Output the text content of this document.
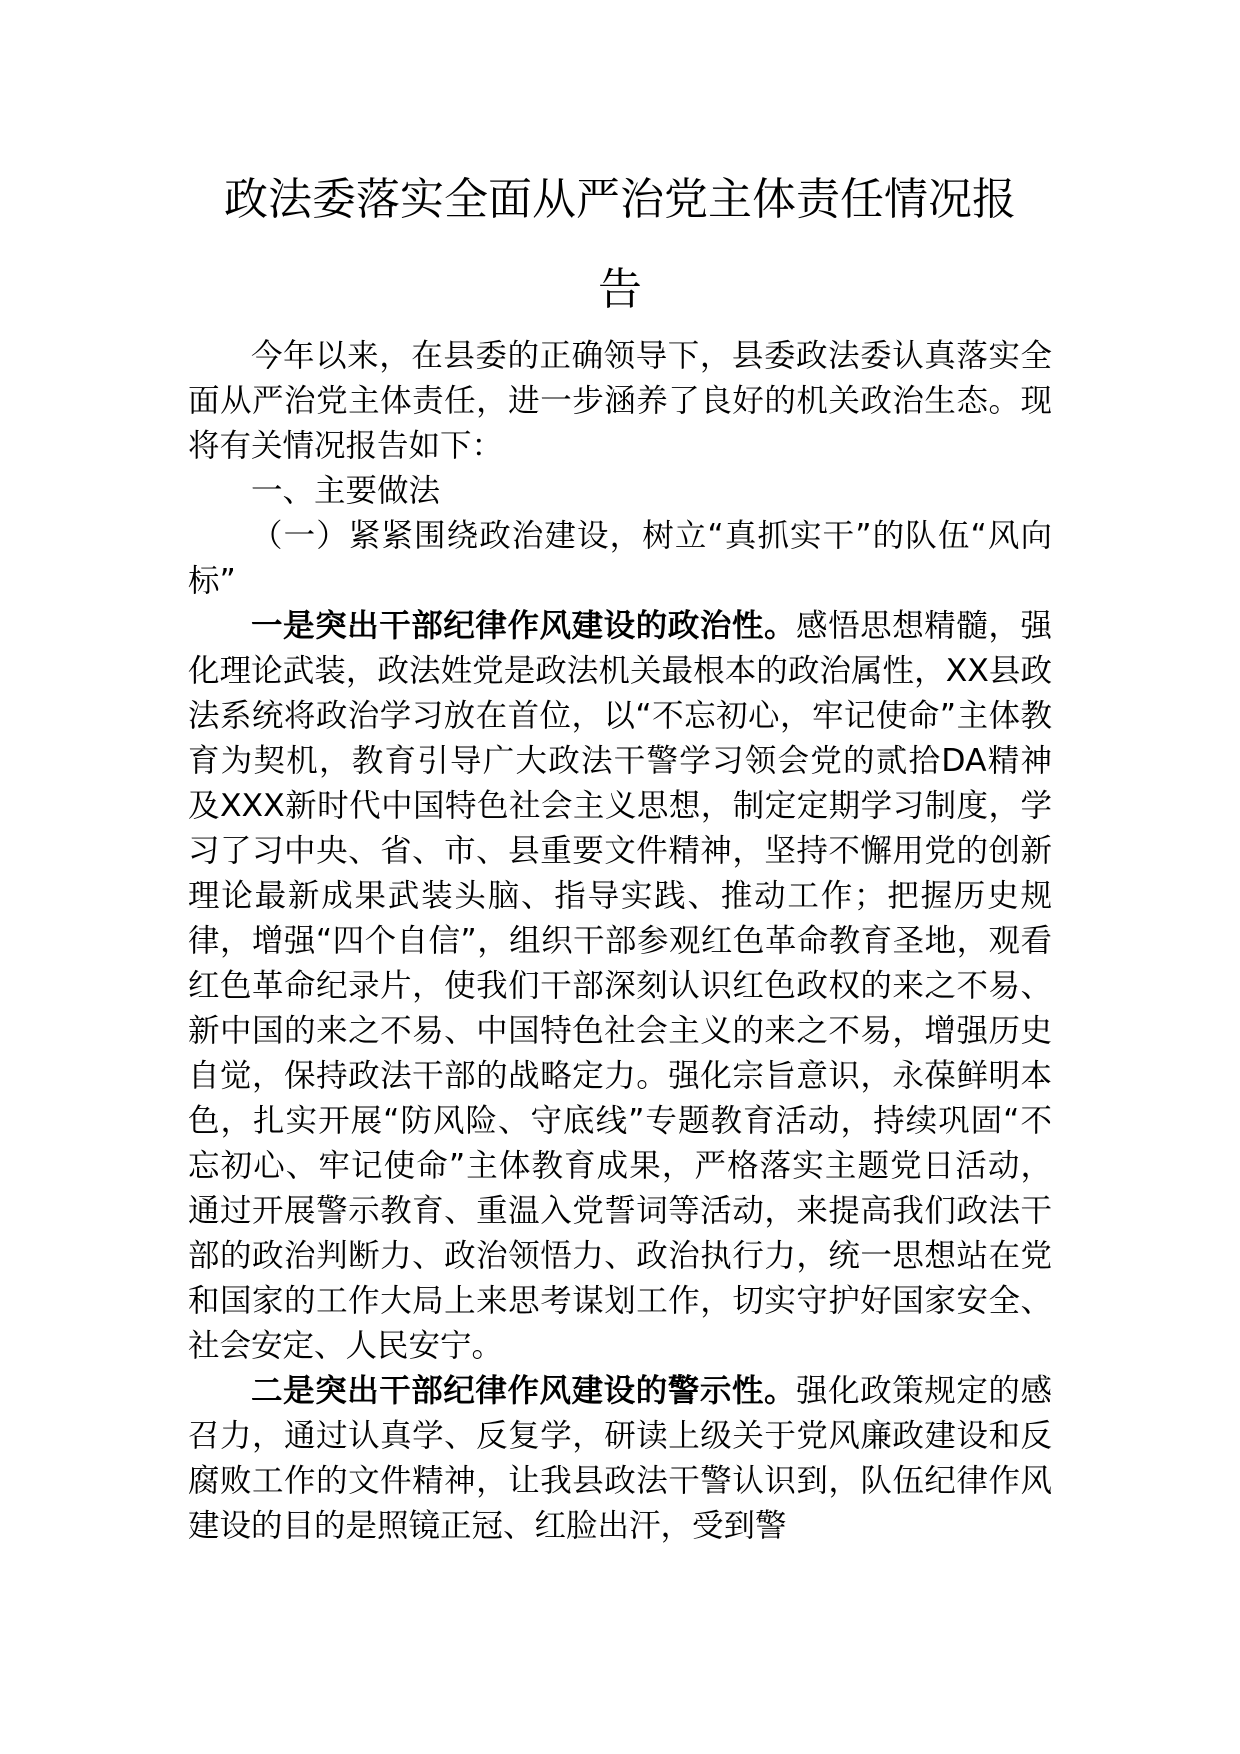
政法委落实全面从严治党主体责任情况报
告

今年以来，在县委的正确领导下，县委政法委认真落实全面从严治党主体责任，进一步涵养了良好的机关政治生态。现将有关情况报告如下：

一、主要做法

（一）紧紧围绕政治建设，树立“真抓实干”的队伍“风向标”

一是突出干部纪律作风建设的政治性。感悟思想精髓，强化理论武装，政法姓党是政法机关最根本的政治属性，XX县政法系统将政治学习放在首位，以“不忘初心，牢记使命”主体教育为契机，教育引导广大政法干警学习领会党的贰拾DA精神及XXX新时代中国特色社会主义思想，制定定期学习制度，学习了习中央、省、市、县重要文件精神，坚持不懈用党的创新理论最新成果武装头脑、指导实践、推动工作；把握历史规律，增强“四个自信”，组织干部参观红色革命教育圣地，观看红色革命纪录片，使我们干部深刻认识红色政权的来之不易、新中国的来之不易、中国特色社会主义的来之不易，增强历史自觉，保持政法干部的战略定力。强化宗旨意识，永葆鲜明本色，扎实开展“防风险、守底线”专题教育活动，持续巩固“不忘初心、牢记使命”主体教育成果，严格落实主题党日活动，通过开展警示教育、重温入党誓词等活动，来提高我们政法干部的政治判断力、政治领悟力、政治执行力，统一思想站在党和国家的工作大局上来思考谋划工作，切实守护好国家安全、社会安定、人民安宁。

二是突出干部纪律作风建设的警示性。强化政策规定的感召力，通过认真学、反复学，研读上级关于党风廉政建设和反腐败工作的文件精神，让我县政法干警认识到，队伍纪律作风建设的目的是照镜正冠、红脸出汗，受到警
